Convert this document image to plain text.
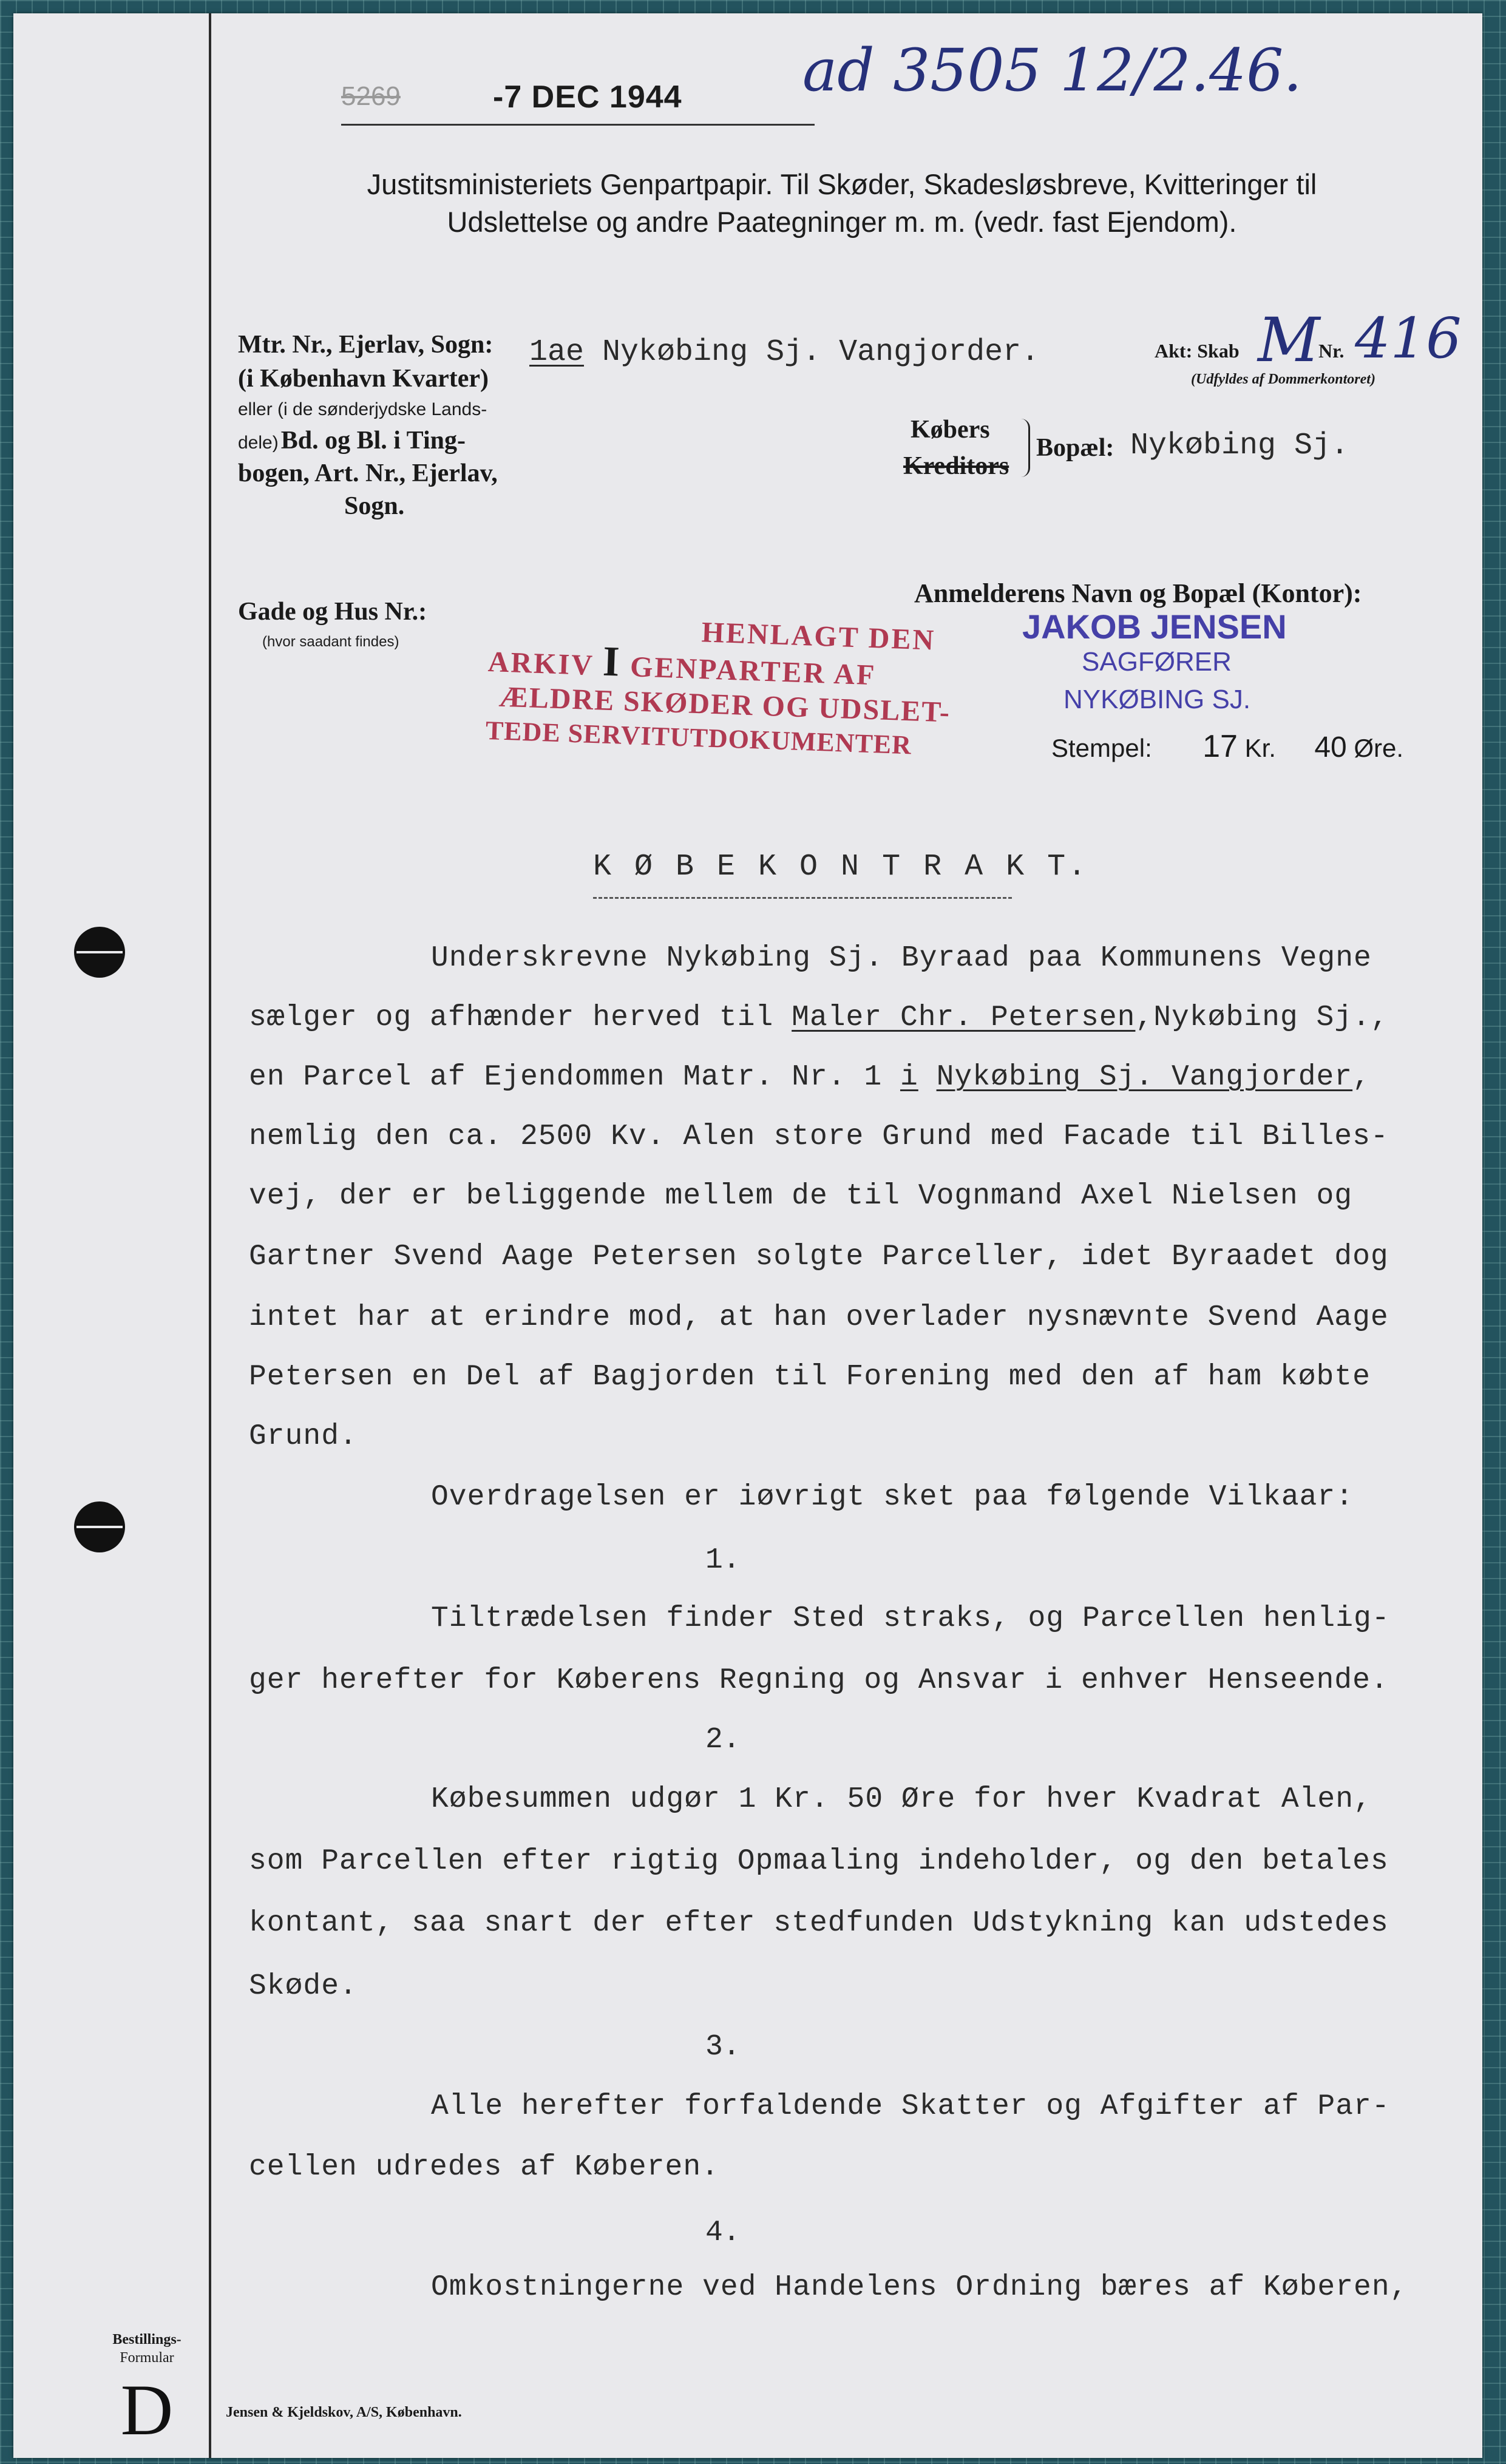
5269	-7 DEC 1944 ad 3505 12/2.46.
Justitsministeriets Genpartpapir. Til Skøder, Skadesløsbreve, Kvitteringer til
Udslettelse og andre Paategninger m. m. (vedr. fast Ejendom).
Mtr. Nr., Ejerlav, Sogn:
(i København Kvarter)
eller (i de sønderjydske Lands-
dele) Bd. og Bl. i Ting-
bogen, Art. Nr., Ejerlav,
Sogn.
1ae Nykøbing Sj. Vangjorder.	Akt: Skab M
Nr. 416
(Udfyldes af Dommerkontoret)
Købers
Kreditors
Bopæl: Nykøbing Sj.
Gade og Hus Nr.:
(hvor saadant findes)	HENLAGT DEN
ARKIV I GENPARTER AF
ÆLDRE SKØDER OG UDSLET-
TEDE SERVITUTDOKUMENTER
Anmelderens Navn og Bopæl (Kontor):
JAKOB JENSEN
SAGFØRER
NYKØBING SJ.
Stempel: 17 Kr. 40 Øre.
K Ø B E K O N T R A K T.
Underskrevne Nykøbing Sj. Byraad paa Kommunens Vegne
sælger og afhænder herved til Maler Chr. Petersen,Nykøbing Sj.,
en Parcel af Ejendommen Matr. Nr. 1 i Nykøbing Sj. Vangjorder,
nemlig den ca. 2500 Kv. Alen store Grund med Facade til Billes-
vej, der er beliggende mellem de til Vognmand Axel Nielsen og
Gartner Svend Aage Petersen solgte Parceller, idet Byraadet dog
intet har at erindre mod, at han overlader nysnævnte Svend Aage
Petersen en Del af Bagjorden til Forening med den af ham købte
Grund.
Overdragelsen er iøvrigt sket paa følgende Vilkaar:
1.
Tiltrædelsen finder Sted straks, og Parcellen henlig-
ger herefter for Køberens Regning og Ansvar i enhver Henseende.
2.
Købesummen udgør 1 Kr. 50 Øre for hver Kvadrat Alen,
som Parcellen efter rigtig Opmaaling indeholder, og den betales
kontant, saa snart der efter stedfunden Udstykning kan udstedes
Skøde.
3.
Alle herefter forfaldende Skatter og Afgifter af Par-
cellen udredes af Køberen.
4.
Omkostningerne ved Handelens Ordning bæres af Køberen,
Bestillings-
Formular
D	Jensen & Kjeldskov, A/S, København.
